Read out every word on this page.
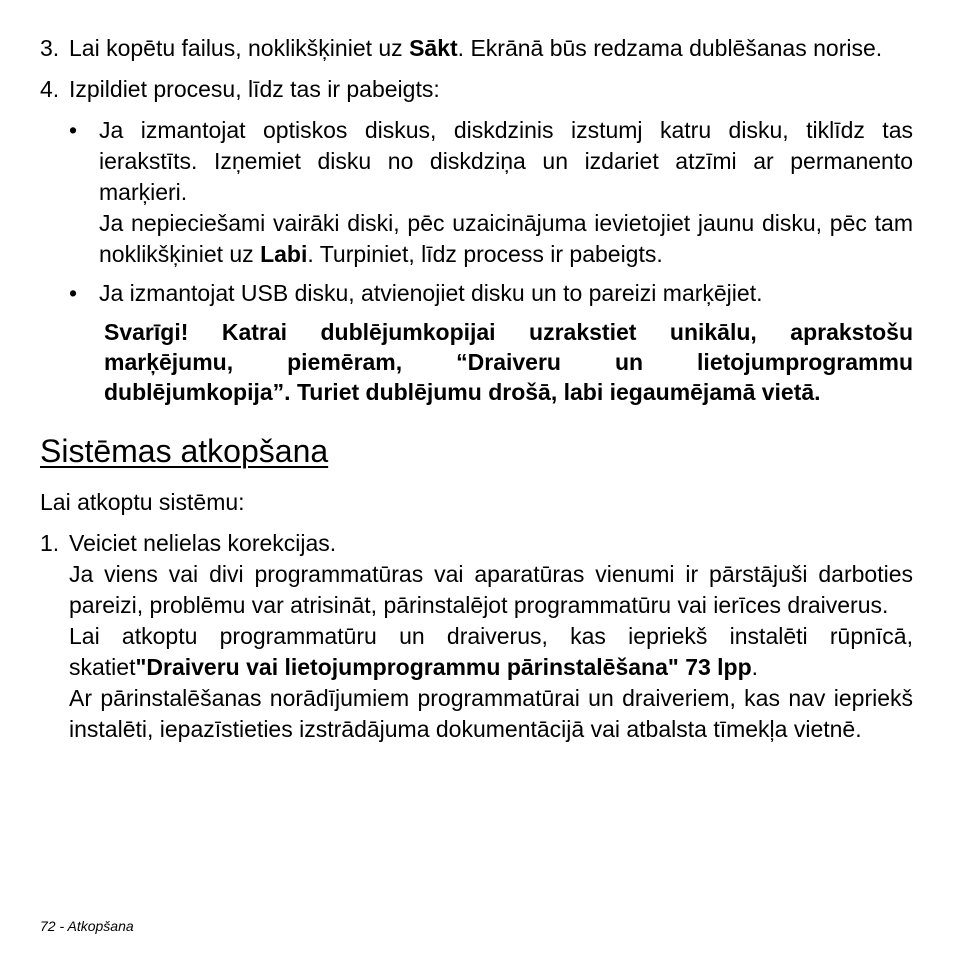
3. Lai kopētu failus, noklikšķiniet uz Sākt. Ekrānā būs redzama dublēšanas norise.
4. Izpildiet procesu, līdz tas ir pabeigts:
• Ja izmantojat optiskos diskus, diskdzinis izstumj katru disku, tiklīdz tas ierakstīts. Izņemiet disku no diskdziņa un izdariet atzīmi ar permanento marķieri.
Ja nepieciešami vairāki diski, pēc uzaicinājuma ievietojiet jaunu disku, pēc tam noklikšķiniet uz Labi. Turpiniet, līdz process ir pabeigts.
• Ja izmantojat USB disku, atvienojiet disku un to pareizi marķējiet.
Svarīgi! Katrai dublējumkopijai uzrakstiet unikālu, aprakstošu marķējumu, piemēram, “Draiveru un lietojumprogrammu dublējumkopija”. Turiet dublējumu drošā, labi iegaumējamā vietā.
Sistēmas atkopšana
Lai atkoptu sistēmu:
1. Veiciet nelielas korekcijas.
Ja viens vai divi programmatūras vai aparatūras vienumi ir pārstājuši darboties pareizi, problēmu var atrisināt, pārinstalējot programmatūru vai ierīces draiverus.
Lai atkoptu programmatūru un draiverus, kas iepriekš instalēti rūpnīcā, skatiet"Draiveru vai lietojumprogrammu pārinstalēšana" 73 lpp.
Ar pārinstalēšanas norādījumiem programmatūrai un draiveriem, kas nav iepriekš instalēti, iepazīstieties izstrādājuma dokumentācijā vai atbalsta tīmekļa vietnē.
72 - Atkopšana
